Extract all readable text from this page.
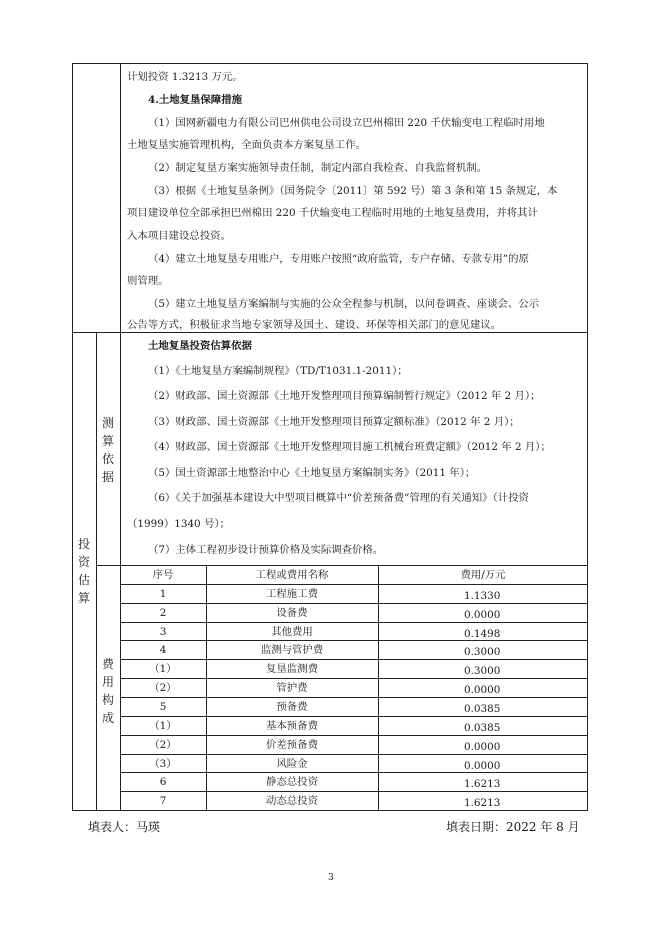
计划投资 1.3213 万元。
4.土地复垦保障措施
（1）国网新疆电力有限公司巴州供电公司设立巴州棉田 220 千伏输变电工程临时用地
土地复垦实施管理机构，全面负责本方案复垦工作。
（2）制定复垦方案实施领导责任制，制定内部自我检查、自我监督机制。
（3）根据《土地复垦条例》（国务院令〔2011〕第 592 号）第 3 条和第 15 条规定，本
项目建设单位全部承担巴州棉田 220 千伏输变电工程临时用地的土地复垦费用，并将其计
入本项目建设总投资。
（4）建立土地复垦专用账户，专用账户按照“政府监管，专户存储、专款专用”的原
则管理。
（5）建立土地复垦方案编制与实施的公众全程参与机制，以问卷调查、座谈会、公示
公告等方式，积极征求当地专家领导及国土、建设、环保等相关部门的意见建议。
投
资
估
算
测
算
依
据
费
用
构
成
土地复垦投资估算依据
（1）《土地复垦方案编制规程》（TD/T1031.1-2011）；
（2）财政部、国土资源部《土地开发整理项目预算编制暂行规定》（2012 年 2 月）；
（3）财政部、国土资源部《土地开发整理项目预算定额标准》（2012 年 2 月）；
（4）财政部、国土资源部《土地开发整理项目施工机械台班费定额》（2012 年 2 月）；
（5）国土资源部土地整治中心《土地复垦方案编制实务》（2011 年）；
（6）《关于加强基本建设大中型项目概算中“价差预备费”管理的有关通知》（计投资
（1999）1340 号）；
（7）主体工程初步设计预算价格及实际调查价格。
序号	工程或费用名称	费用/万元
1	工程施工费	1.1330
2	设备费	0.0000
3	其他费用	0.1498
4	监测与管护费	0.3000
（1）	复垦监测费	0.3000
（2）	管护费	0.0000
5	预备费	0.0385
（1）	基本预备费	0.0385
（2）	价差预备费	0.0000
（3）	风险金	0.0000
6	静态总投资	1.6213
7	动态总投资	1.6213
填表人：马瑛	填表日期：2022 年 8 月
3
